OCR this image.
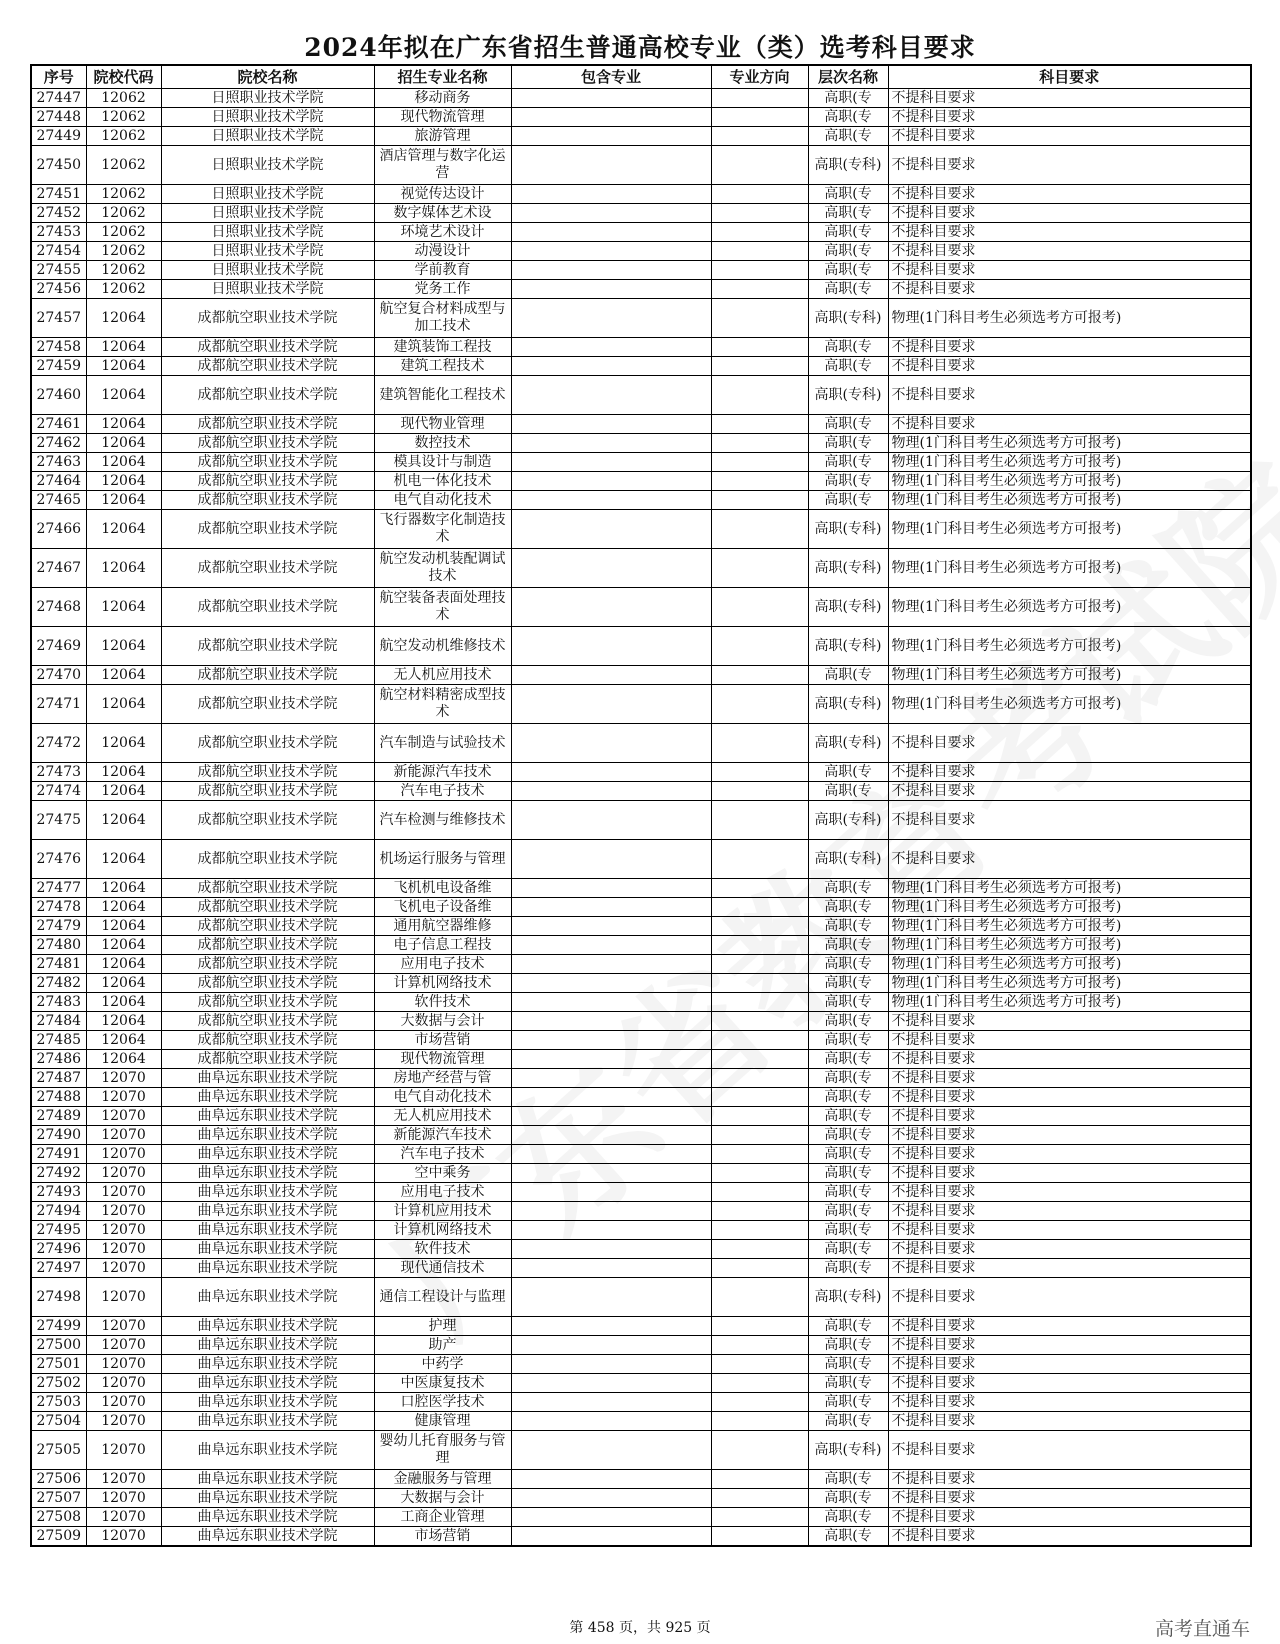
2024年拟在广东省招生普通高校专业（类）选考科目要求
序号	院校代码	院校名称	招生专业名称	包含专业	专业方向	层次名称	科目要求
27447	12062	日照职业技术学院	移动商务			高职(专	不提科目要求
27448	12062	日照职业技术学院	现代物流管理			高职(专	不提科目要求
27449	12062	日照职业技术学院	旅游管理			高职(专	不提科目要求
27450	12062	日照职业技术学院	酒店管理与数字化运营			高职(专科)	不提科目要求
27451	12062	日照职业技术学院	视觉传达设计			高职(专	不提科目要求
27452	12062	日照职业技术学院	数字媒体艺术设			高职(专	不提科目要求
27453	12062	日照职业技术学院	环境艺术设计			高职(专	不提科目要求
27454	12062	日照职业技术学院	动漫设计			高职(专	不提科目要求
27455	12062	日照职业技术学院	学前教育			高职(专	不提科目要求
27456	12062	日照职业技术学院	党务工作			高职(专	不提科目要求
27457	12064	成都航空职业技术学院	航空复合材料成型与加工技术			高职(专科)	物理(1门科目考生必须选考方可报考)
27458	12064	成都航空职业技术学院	建筑装饰工程技			高职(专	不提科目要求
27459	12064	成都航空职业技术学院	建筑工程技术			高职(专	不提科目要求
27460	12064	成都航空职业技术学院	建筑智能化工程技术			高职(专科)	不提科目要求
27461	12064	成都航空职业技术学院	现代物业管理			高职(专	不提科目要求
27462	12064	成都航空职业技术学院	数控技术			高职(专	物理(1门科目考生必须选考方可报考)
27463	12064	成都航空职业技术学院	模具设计与制造			高职(专	物理(1门科目考生必须选考方可报考)
27464	12064	成都航空职业技术学院	机电一体化技术			高职(专	物理(1门科目考生必须选考方可报考)
27465	12064	成都航空职业技术学院	电气自动化技术			高职(专	物理(1门科目考生必须选考方可报考)
27466	12064	成都航空职业技术学院	飞行器数字化制造技术			高职(专科)	物理(1门科目考生必须选考方可报考)
27467	12064	成都航空职业技术学院	航空发动机装配调试技术			高职(专科)	物理(1门科目考生必须选考方可报考)
27468	12064	成都航空职业技术学院	航空装备表面处理技术			高职(专科)	物理(1门科目考生必须选考方可报考)
27469	12064	成都航空职业技术学院	航空发动机维修技术			高职(专科)	物理(1门科目考生必须选考方可报考)
27470	12064	成都航空职业技术学院	无人机应用技术			高职(专	物理(1门科目考生必须选考方可报考)
27471	12064	成都航空职业技术学院	航空材料精密成型技术			高职(专科)	物理(1门科目考生必须选考方可报考)
27472	12064	成都航空职业技术学院	汽车制造与试验技术			高职(专科)	不提科目要求
27473	12064	成都航空职业技术学院	新能源汽车技术			高职(专	不提科目要求
27474	12064	成都航空职业技术学院	汽车电子技术			高职(专	不提科目要求
27475	12064	成都航空职业技术学院	汽车检测与维修技术			高职(专科)	不提科目要求
27476	12064	成都航空职业技术学院	机场运行服务与管理			高职(专科)	不提科目要求
27477	12064	成都航空职业技术学院	飞机机电设备维			高职(专	物理(1门科目考生必须选考方可报考)
27478	12064	成都航空职业技术学院	飞机电子设备维			高职(专	物理(1门科目考生必须选考方可报考)
27479	12064	成都航空职业技术学院	通用航空器维修			高职(专	物理(1门科目考生必须选考方可报考)
27480	12064	成都航空职业技术学院	电子信息工程技			高职(专	物理(1门科目考生必须选考方可报考)
27481	12064	成都航空职业技术学院	应用电子技术			高职(专	物理(1门科目考生必须选考方可报考)
27482	12064	成都航空职业技术学院	计算机网络技术			高职(专	物理(1门科目考生必须选考方可报考)
27483	12064	成都航空职业技术学院	软件技术			高职(专	物理(1门科目考生必须选考方可报考)
27484	12064	成都航空职业技术学院	大数据与会计			高职(专	不提科目要求
27485	12064	成都航空职业技术学院	市场营销			高职(专	不提科目要求
27486	12064	成都航空职业技术学院	现代物流管理			高职(专	不提科目要求
27487	12070	曲阜远东职业技术学院	房地产经营与管			高职(专	不提科目要求
27488	12070	曲阜远东职业技术学院	电气自动化技术			高职(专	不提科目要求
27489	12070	曲阜远东职业技术学院	无人机应用技术			高职(专	不提科目要求
27490	12070	曲阜远东职业技术学院	新能源汽车技术			高职(专	不提科目要求
27491	12070	曲阜远东职业技术学院	汽车电子技术			高职(专	不提科目要求
27492	12070	曲阜远东职业技术学院	空中乘务			高职(专	不提科目要求
27493	12070	曲阜远东职业技术学院	应用电子技术			高职(专	不提科目要求
27494	12070	曲阜远东职业技术学院	计算机应用技术			高职(专	不提科目要求
27495	12070	曲阜远东职业技术学院	计算机网络技术			高职(专	不提科目要求
27496	12070	曲阜远东职业技术学院	软件技术			高职(专	不提科目要求
27497	12070	曲阜远东职业技术学院	现代通信技术			高职(专	不提科目要求
27498	12070	曲阜远东职业技术学院	通信工程设计与监理			高职(专科)	不提科目要求
27499	12070	曲阜远东职业技术学院	护理			高职(专	不提科目要求
27500	12070	曲阜远东职业技术学院	助产			高职(专	不提科目要求
27501	12070	曲阜远东职业技术学院	中药学			高职(专	不提科目要求
27502	12070	曲阜远东职业技术学院	中医康复技术			高职(专	不提科目要求
27503	12070	曲阜远东职业技术学院	口腔医学技术			高职(专	不提科目要求
27504	12070	曲阜远东职业技术学院	健康管理			高职(专	不提科目要求
27505	12070	曲阜远东职业技术学院	婴幼儿托育服务与管理			高职(专科)	不提科目要求
27506	12070	曲阜远东职业技术学院	金融服务与管理			高职(专	不提科目要求
27507	12070	曲阜远东职业技术学院	大数据与会计			高职(专	不提科目要求
27508	12070	曲阜远东职业技术学院	工商企业管理			高职(专	不提科目要求
27509	12070	曲阜远东职业技术学院	市场营销			高职(专	不提科目要求
第 458 页，共 925 页	高考直通车
